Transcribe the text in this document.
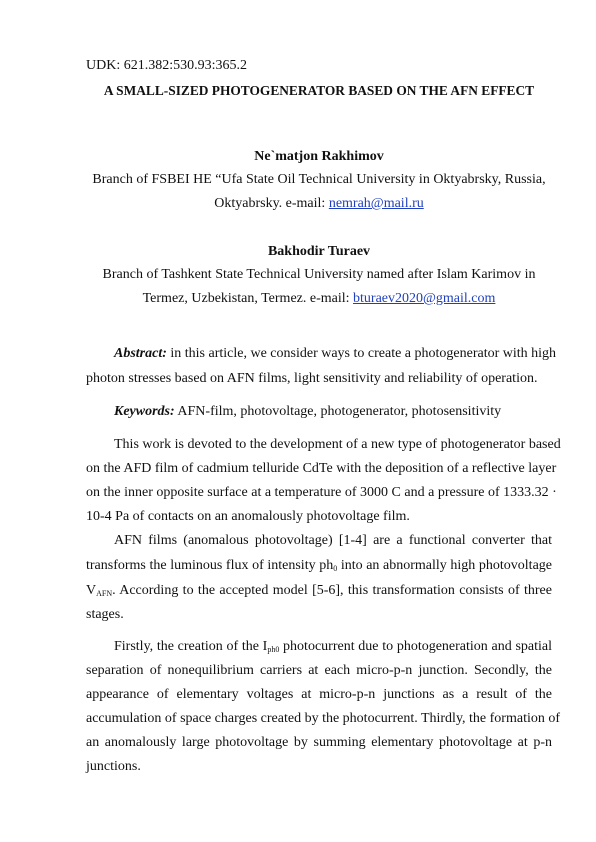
UDK: 621.382:530.93:365.2
A SMALL-SIZED PHOTOGENERATOR BASED ON THE AFN EFFECT
Ne`matjon Rakhimov
Branch of FSBEI HE “Ufa State Oil Technical University in Oktyabrsky, Russia,
Oktyabrsky. e-mail: nemrah@mail.ru
Bakhodir Turaev
Branch of Tashkent State Technical University named after Islam Karimov in
Termez, Uzbekistan, Termez. e-mail: bturaev2020@gmail.com
Abstract: in this article, we consider ways to create a photogenerator with high
photon stresses based on AFN films, light sensitivity and reliability of operation.
Keywords: AFN-film, photovoltage, photogenerator, photosensitivity
This work is devoted to the development of a new type of photogenerator based
on the AFD film of cadmium telluride CdTe with the deposition of a reflective layer
on the inner opposite surface at a temperature of 3000 C and a pressure of 1333.32 ·
10-4 Pa of contacts on an anomalously photovoltage film.
AFN films (anomalous photovoltage) [1-4] are a functional converter that
transforms the luminous flux of intensity $ph_0$ into an abnormally high photovoltage
$V_{AFN}$. According to the accepted model [5-6], this transformation consists of three
stages.
Firstly, the creation of the $I_{ph0}$ photocurrent due to photogeneration and spatial
separation of nonequilibrium carriers at each micro-p-n junction. Secondly, the
appearance of elementary voltages at micro-p-n junctions as a result of the
accumulation of space charges created by the photocurrent. Thirdly, the formation of
an anomalously large photovoltage by summing elementary photovoltage at p-n
junctions.
